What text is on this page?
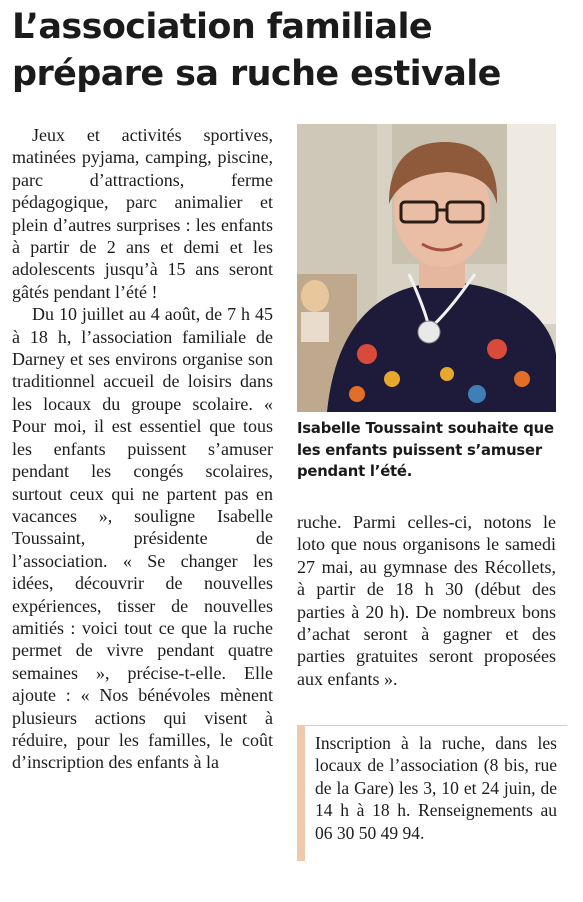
L’association familiale prépare sa ruche estivale

Jeux et activités sportives, matinées pyjama, camping, piscine, parc d’attractions, ferme pédagogique, parc animalier et plein d’autres surprises : les enfants à partir de 2 ans et demi et les adolescents jusqu’à 15 ans seront gâtés pendant l’été !

Du 10 juillet au 4 août, de 7 h 45 à 18 h, l’association familiale de Darney et ses environs organise son traditionnel accueil de loisirs dans les locaux du groupe scolaire. « Pour moi, il est essentiel que tous les enfants puissent s’amuser pendant les congés scolaires, surtout ceux qui ne partent pas en vacances », souligne Isabelle Toussaint, présidente de l’association. « Se changer les idées, découvrir de nouvelles expériences, tisser de nouvelles amitiés : voici tout ce que la ruche permet de vivre pendant quatre semaines », précise-t-elle. Elle ajoute : « Nos bénévoles mènent plusieurs actions qui visent à réduire, pour les familles, le coût d’inscription des enfants à la

Isabelle Toussaint souhaite que les enfants puissent s’amuser pendant l’été.

ruche. Parmi celles-ci, notons le loto que nous organisons le samedi 27 mai, au gymnase des Récollets, à partir de 18 h 30 (début des parties à 20 h). De nombreux bons d’achat seront à gagner et des parties gratuites seront proposées aux enfants ».

Inscription à la ruche, dans les locaux de l’association (8 bis, rue de la Gare) les 3, 10 et 24 juin, de 14 h à 18 h. Renseignements au 06 30 50 49 94.
